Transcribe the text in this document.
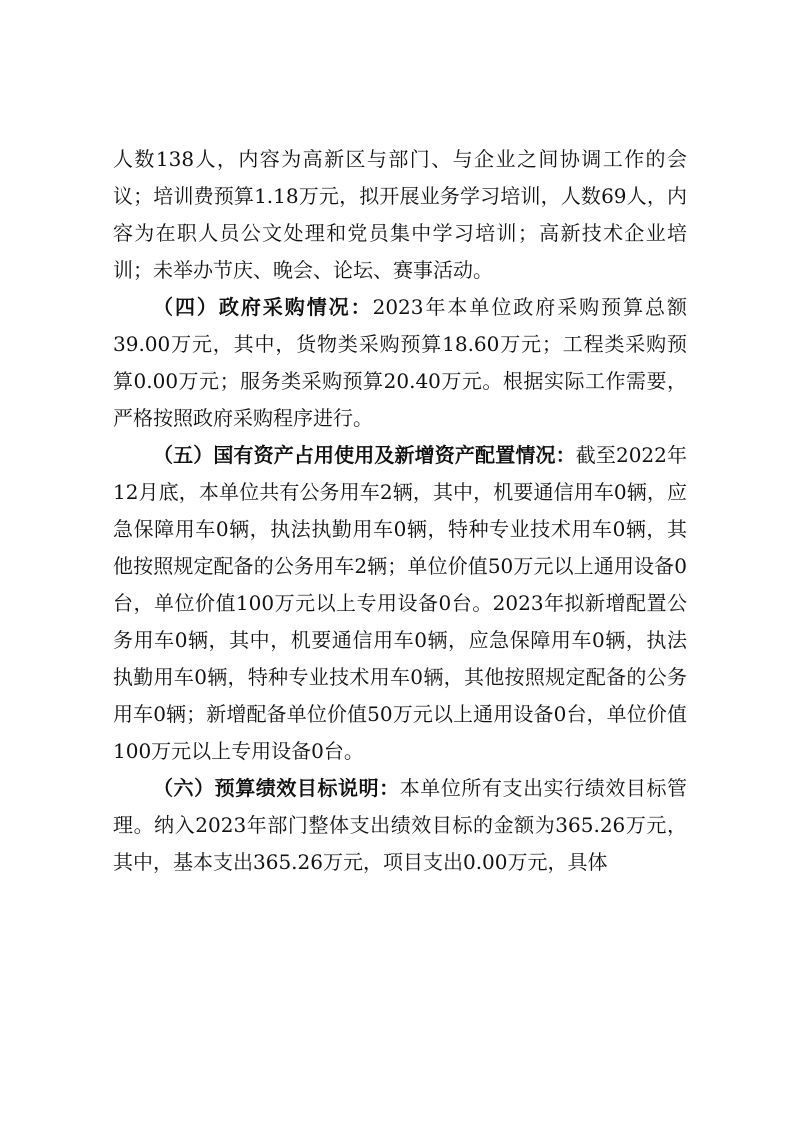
人数138人，内容为高新区与部门、与企业之间协调工作的会议；培训费预算1.18万元，拟开展业务学习培训，人数69人，内容为在职人员公文处理和党员集中学习培训；高新技术企业培训；未举办节庆、晚会、论坛、赛事活动。

（四）政府采购情况：2023年本单位政府采购预算总额39.00万元，其中，货物类采购预算18.60万元；工程类采购预算0.00万元；服务类采购预算20.40万元。根据实际工作需要，严格按照政府采购程序进行。

（五）国有资产占用使用及新增资产配置情况：截至2022年12月底，本单位共有公务用车2辆，其中，机要通信用车0辆，应急保障用车0辆，执法执勤用车0辆，特种专业技术用车0辆，其他按照规定配备的公务用车2辆；单位价值50万元以上通用设备0台，单位价值100万元以上专用设备0台。2023年拟新增配置公务用车0辆，其中，机要通信用车0辆，应急保障用车0辆，执法执勤用车0辆，特种专业技术用车0辆，其他按照规定配备的公务用车0辆；新增配备单位价值50万元以上通用设备0台，单位价值100万元以上专用设备0台。

（六）预算绩效目标说明：本单位所有支出实行绩效目标管理。纳入2023年部门整体支出绩效目标的金额为365.26万元，其中，基本支出365.26万元，项目支出0.00万元，具体
